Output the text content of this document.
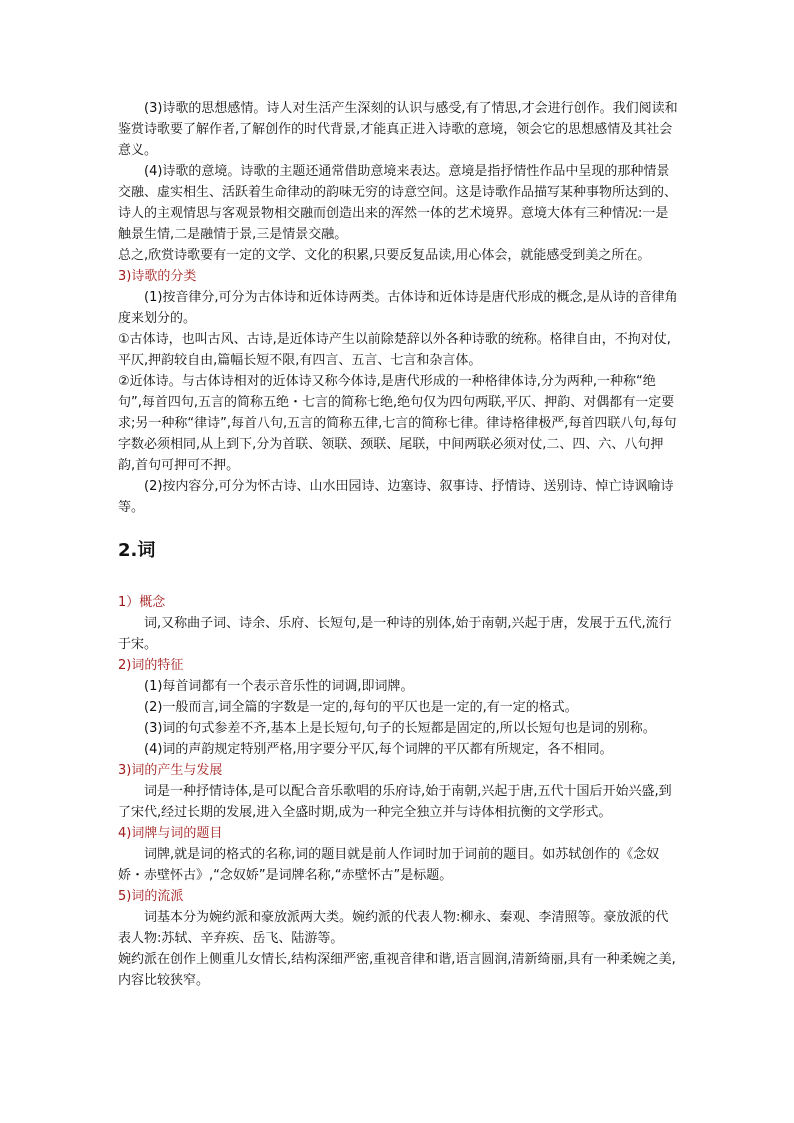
(3)诗歌的思想感情。诗人对生活产生深刻的认识与感受,有了情思,才会进行创作。我们阅读和鉴赏诗歌要了解作者,了解创作的时代背景,才能真正进入诗歌的意境，领会它的思想感情及其社会意义。

(4)诗歌的意境。诗歌的主题还通常借助意境来表达。意境是指抒情性作品中呈现的那种情景交融、虚实相生、活跃着生命律动的韵味无穷的诗意空间。这是诗歌作品描写某种事物所达到的、诗人的主观情思与客观景物相交融而创造出来的浑然一体的艺术境界。意境大体有三种情况:一是触景生情,二是融情于景,三是情景交融。

总之,欣赏诗歌要有一定的文学、文化的积累,只要反复品读,用心体会，就能感受到美之所在。

3)诗歌的分类

(1)按音律分,可分为古体诗和近体诗两类。古体诗和近体诗是唐代形成的概念,是从诗的音律角度来划分的。

①古体诗，也叫古风、古诗,是近体诗产生以前除楚辞以外各种诗歌的统称。格律自由，不拘对仗,平仄,押韵较自由,篇幅长短不限,有四言、五言、七言和杂言体。

②近体诗。与古体诗相对的近体诗又称今体诗,是唐代形成的一种格律体诗,分为两种,一种称“绝句”,每首四句,五言的简称五绝・七言的简称七绝,绝句仅为四句两联,平仄、押韵、对偶都有一定要求;另一种称“律诗”,每首八句,五言的简称五律,七言的简称七律。律诗格律极严,每首四联八句,每句字数必须相同,从上到下,分为首联、领联、颈联、尾联，中间两联必须对仗,二、四、六、八句押韵,首句可押可不押。

(2)按内容分,可分为怀古诗、山水田园诗、边塞诗、叙事诗、抒情诗、送别诗、悼亡诗讽喻诗等。

2.词
1）概念

词,又称曲子词、诗余、乐府、长短句,是一种诗的别体,始于南朝,兴起于唐，发展于五代,流行于宋。

2)词的特征

(1)每首词都有一个表示音乐性的词调,即词牌。

(2)一般而言,词全篇的字数是一定的,每句的平仄也是一定的,有一定的格式。

(3)词的句式参差不齐,基本上是长短句,句子的长短都是固定的,所以长短句也是词的别称。

(4)词的声韵规定特别严格,用字要分平仄,每个词牌的平仄都有所规定，各不相同。

3)词的产生与发展

词是一种抒情诗体,是可以配合音乐歌唱的乐府诗,始于南朝,兴起于唐,五代十国后开始兴盛,到了宋代,经过长期的发展,进入全盛时期,成为一种完全独立并与诗体相抗衡的文学形式。

4)词牌与词的题目

词牌,就是词的格式的名称,词的题目就是前人作词时加于词前的题目。如苏轼创作的《念奴娇・赤壁怀古》,“念奴娇”是词牌名称,“赤壁怀古”是标题。

5)词的流派

词基本分为婉约派和豪放派两大类。婉约派的代表人物:柳永、秦观、李清照等。豪放派的代表人物:苏轼、辛弃疾、岳飞、陆游等。

婉约派在创作上侧重儿女情长,结构深细严密,重视音律和谐,语言圆润,清新绮丽,具有一种柔婉之美,内容比较狭窄。
